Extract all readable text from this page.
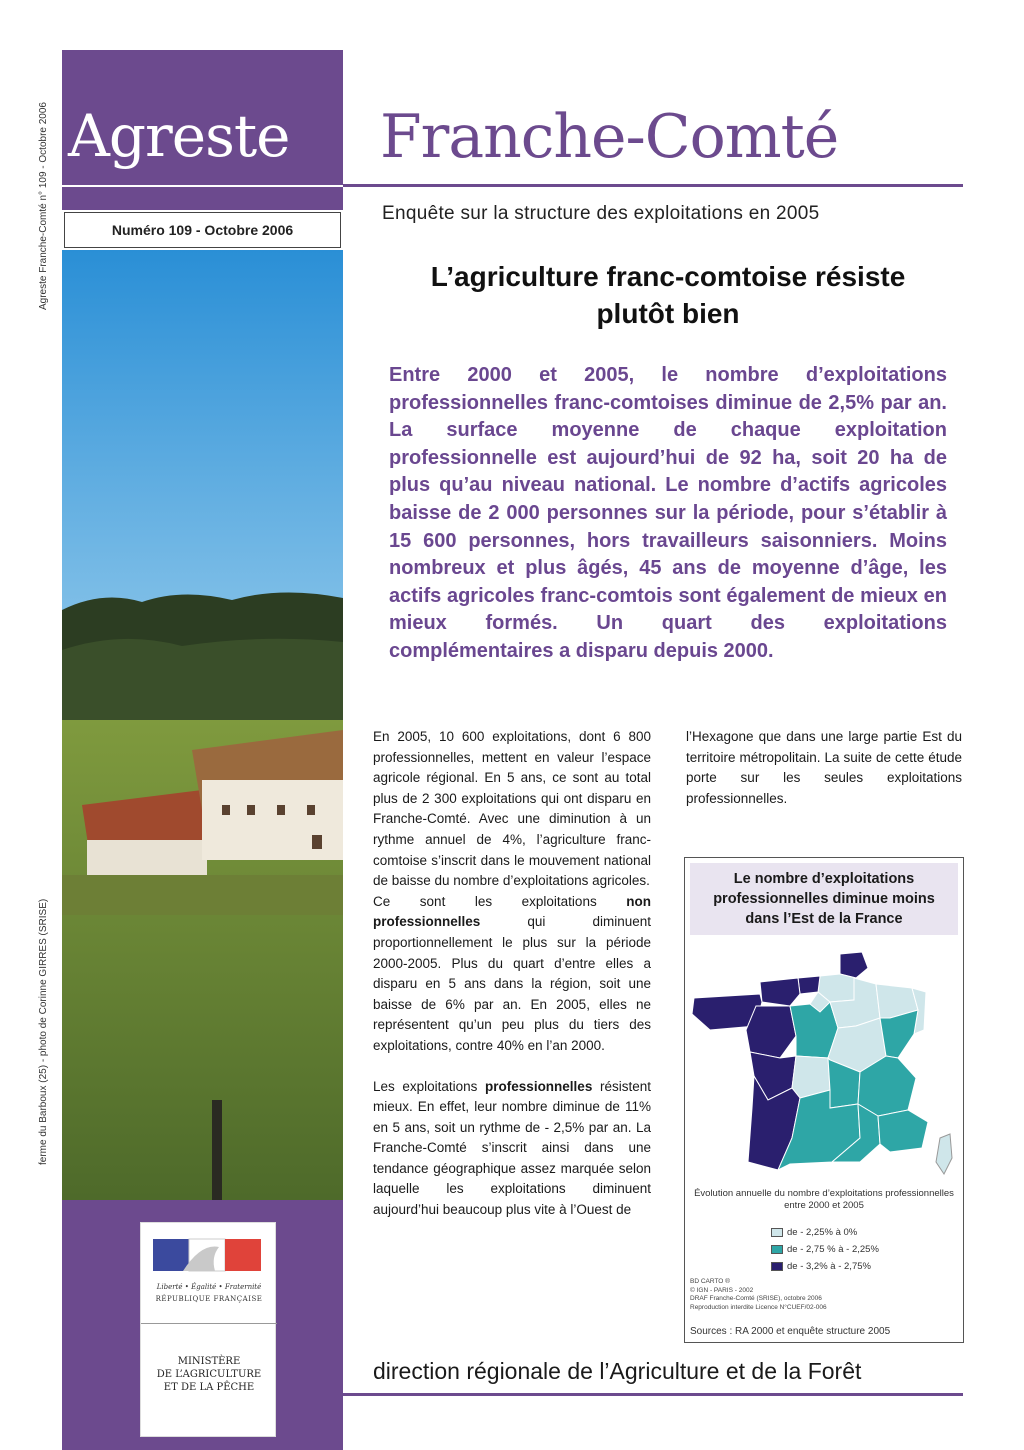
Agreste Franche-Comté n° 109 - Octobre 2006
ferme du Barboux (25) - photo de Corinne GIRRES (SRISE)
Agreste
Numéro 109 - Octobre 2006
Liberté • Égalité • Fraternité
RÉPUBLIQUE FRANÇAISE
MINISTÈRE
DE L’AGRICULTURE
ET DE LA PÊCHE
Franche-Comté
Enquête sur la structure des exploitations en 2005
L’agriculture franc-comtoise résiste
plutôt bien
Entre 2000 et 2005, le nombre d’exploitations professionnelles franc-comtoises diminue de 2,5% par an. La surface moyenne de chaque exploitation professionnelle est aujourd’hui de 92 ha, soit 20 ha de plus qu’au niveau national. Le nombre d’actifs agricoles baisse de 2 000 personnes sur la période, pour s’établir à 15 600 personnes, hors travailleurs saisonniers. Moins nombreux et plus âgés, 45 ans de moyenne d’âge, les actifs agricoles franc-comtois sont également de mieux en mieux formés. Un quart des exploitations complémentaires a disparu depuis 2000.

En 2005, 10 600 exploitations, dont 6 800 professionnelles, mettent en valeur l’espace agricole régional. En 5 ans, ce sont au total plus de 2 300 exploitations qui ont disparu en Franche-Comté. Avec une diminution à un rythme annuel de 4%, l’agriculture franc-comtoise s’inscrit dans le mouvement national de baisse du nombre d’exploitations agricoles.

Ce sont les exploitations non professionnelles qui diminuent proportionnellement le plus sur la période 2000-2005. Plus du quart d’entre elles a disparu en 5 ans dans la région, soit une baisse de 6% par an. En 2005, elles ne représentent qu’un peu plus du tiers des exploitations, contre 40% en l’an 2000.

Les exploitations professionnelles résistent mieux. En effet, leur nombre diminue de 11% en 5 ans, soit un rythme de - 2,5% par an. La Franche-Comté s’inscrit ainsi dans une tendance géographique assez marquée selon laquelle les exploitations diminuent aujourd’hui beaucoup plus vite à l’Ouest de

l’Hexagone que dans une large partie Est du territoire métropolitain. La suite de cette étude porte sur les seules exploitations professionnelles.

Le nombre d’exploitations professionnelles diminue moins dans l’Est de la France
Évolution annuelle du nombre d’exploitations professionnelles entre 2000 et 2005
de - 2,25% à 0%
de - 2,75 % à - 2,25%
de - 3,2% à - 2,75%
BD CARTO ®
© IGN - PARIS - 2002
DRAF Franche-Comté (SRISE), octobre 2006
Reproduction interdite Licence N°CUEF/02-006
Sources : RA 2000 et enquête structure 2005
direction régionale de l’Agriculture et de la Forêt
